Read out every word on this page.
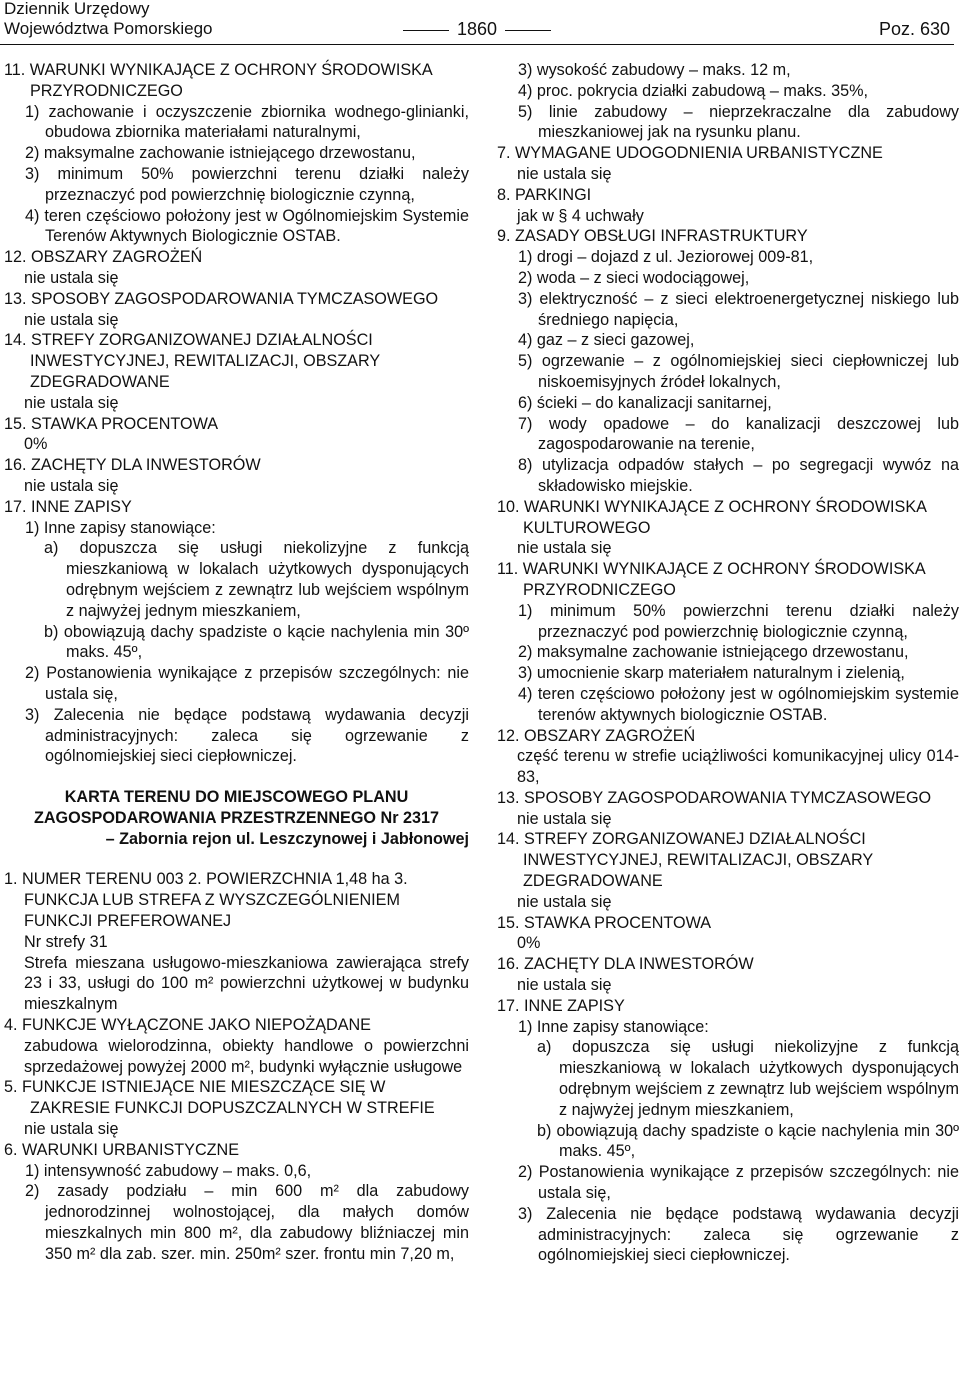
Dziennik Urzędowy
Województwa Pomorskiego	1860	Poz. 630

11. WARUNKI WYNIKAJĄCE Z OCHRONY ŚRODOWISKA PRZYRODNICZEGO

1) zachowanie i oczyszczenie zbiornika wodnego-glinianki, obudowa zbiornika materiałami naturalnymi,

2) maksymalne zachowanie istniejącego drzewostanu,

3) minimum 50% powierzchni terenu działki należy przeznaczyć pod powierzchnię biologicznie czynną,

4) teren częściowo położony jest w Ogólnomiejskim Systemie Terenów Aktywnych Biologicznie OSTAB.

12. OBSZARY ZAGROŻEŃ

nie ustala się

13. SPOSOBY ZAGOSPODAROWANIA TYMCZASOWEGO

nie ustala się

14. STREFY ZORGANIZOWANEJ DZIAŁALNOŚCI INWESTYCYJNEJ, REWITALIZACJI, OBSZARY ZDEGRADOWANE

nie ustala się

15. STAWKA PROCENTOWA

0%

16. ZACHĘTY DLA INWESTORÓW

nie ustala się

17. INNE ZAPISY

1) Inne zapisy stanowiące:

a) dopuszcza się usługi niekolizyjne z funkcją mieszkaniową w lokalach użytkowych dysponujących odrębnym wejściem z zewnątrz lub wejściem wspólnym z najwyżej jednym mieszkaniem,

b) obowiązują dachy spadziste o kącie nachylenia min 30º maks. 45º,

2) Postanowienia wynikające z przepisów szczególnych: nie ustala się,

3) Zalecenia nie będące podstawą wydawania decyzji administracyjnych: zaleca się ogrzewanie z ogólnomiejskiej sieci ciepłowniczej.

KARTA TERENU DO MIEJSCOWEGO PLANU ZAGOSPODAROWANIA PRZESTRZENNEGO Nr 2317

– Zabornia rejon ul. Leszczynowej i Jabłonowej

1. NUMER TERENU 003 2. POWIERZCHNIA 1,48 ha 3.

FUNKCJA LUB STREFA Z WYSZCZEGÓLNIENIEM FUNKCJI PREFEROWANEJ

Nr strefy 31

Strefa mieszana usługowo-mieszkaniowa zawierająca strefy 23 i 33, usługi do 100 m² powierzchni użytkowej w budynku mieszkalnym

4. FUNKCJE WYŁĄCZONE JAKO NIEPOŻĄDANE

zabudowa wielorodzinna, obiekty handlowe o powierzchni sprzedażowej powyżej 2000 m², budynki wyłącznie usługowe

5. FUNKCJE ISTNIEJĄCE NIE MIESZCZĄCE SIĘ W ZAKRESIE FUNKCJI DOPUSZCZALNYCH W STREFIE

nie ustala się

6. WARUNKI URBANISTYCZNE

1) intensywność zabudowy – maks. 0,6,

2) zasady podziału – min 600 m² dla zabudowy jednorodzinnej wolnostojącej, dla małych domów mieszkalnych min 800 m², dla zabudowy bliźniaczej min 350 m² dla zab. szer. min. 250m² szer. frontu min 7,20 m,

3) wysokość zabudowy – maks. 12 m,

4) proc. pokrycia działki zabudową – maks. 35%,

5) linie zabudowy – nieprzekraczalne dla zabudowy mieszkaniowej jak na rysunku planu.

7. WYMAGANE UDOGODNIENIA URBANISTYCZNE

nie ustala się

8. PARKINGI

jak w § 4 uchwały

9. ZASADY OBSŁUGI INFRASTRUKTURY

1) drogi – dojazd z ul. Jeziorowej 009-81,

2) woda – z sieci wodociągowej,

3) elektryczność – z sieci elektroenergetycznej niskiego lub średniego napięcia,

4) gaz – z sieci gazowej,

5) ogrzewanie – z ogólnomiejskiej sieci ciepłowniczej lub niskoemisyjnych źródeł lokalnych,

6) ścieki – do kanalizacji sanitarnej,

7) wody opadowe – do kanalizacji deszczowej lub zagospodarowanie na terenie,

8) utylizacja odpadów stałych – po segregacji wywóz na składowisko miejskie.

10. WARUNKI WYNIKAJĄCE Z OCHRONY ŚRODOWISKA KULTUROWEGO

nie ustala się

11. WARUNKI WYNIKAJĄCE Z OCHRONY ŚRODOWISKA PRZYRODNICZEGO

1) minimum 50% powierzchni terenu działki należy przeznaczyć pod powierzchnię biologicznie czynną,

2) maksymalne zachowanie istniejącego drzewostanu,

3) umocnienie skarp materiałem naturalnym i zielenią,

4) teren częściowo położony jest w ogólnomiejskim systemie terenów aktywnych biologicznie OSTAB.

12. OBSZARY ZAGROŻEŃ

część terenu w strefie uciążliwości komunikacyjnej ulicy 014-83,

13. SPOSOBY ZAGOSPODAROWANIA TYMCZASOWEGO

nie ustala się

14. STREFY ZORGANIZOWANEJ DZIAŁALNOŚCI INWESTYCYJNEJ, REWITALIZACJI, OBSZARY ZDEGRADOWANE

nie ustala się

15. STAWKA PROCENTOWA

0%

16. ZACHĘTY DLA INWESTORÓW

nie ustala się

17. INNE ZAPISY

1) Inne zapisy stanowiące:

a) dopuszcza się usługi niekolizyjne z funkcją mieszkaniową w lokalach użytkowych dysponujących odrębnym wejściem z zewnątrz lub wejściem wspólnym z najwyżej jednym mieszkaniem,

b) obowiązują dachy spadziste o kącie nachylenia min 30º maks. 45º,

2) Postanowienia wynikające z przepisów szczególnych: nie ustala się,

3) Zalecenia nie będące podstawą wydawania decyzji administracyjnych: zaleca się ogrzewanie z ogólnomiejskiej sieci ciepłowniczej.
